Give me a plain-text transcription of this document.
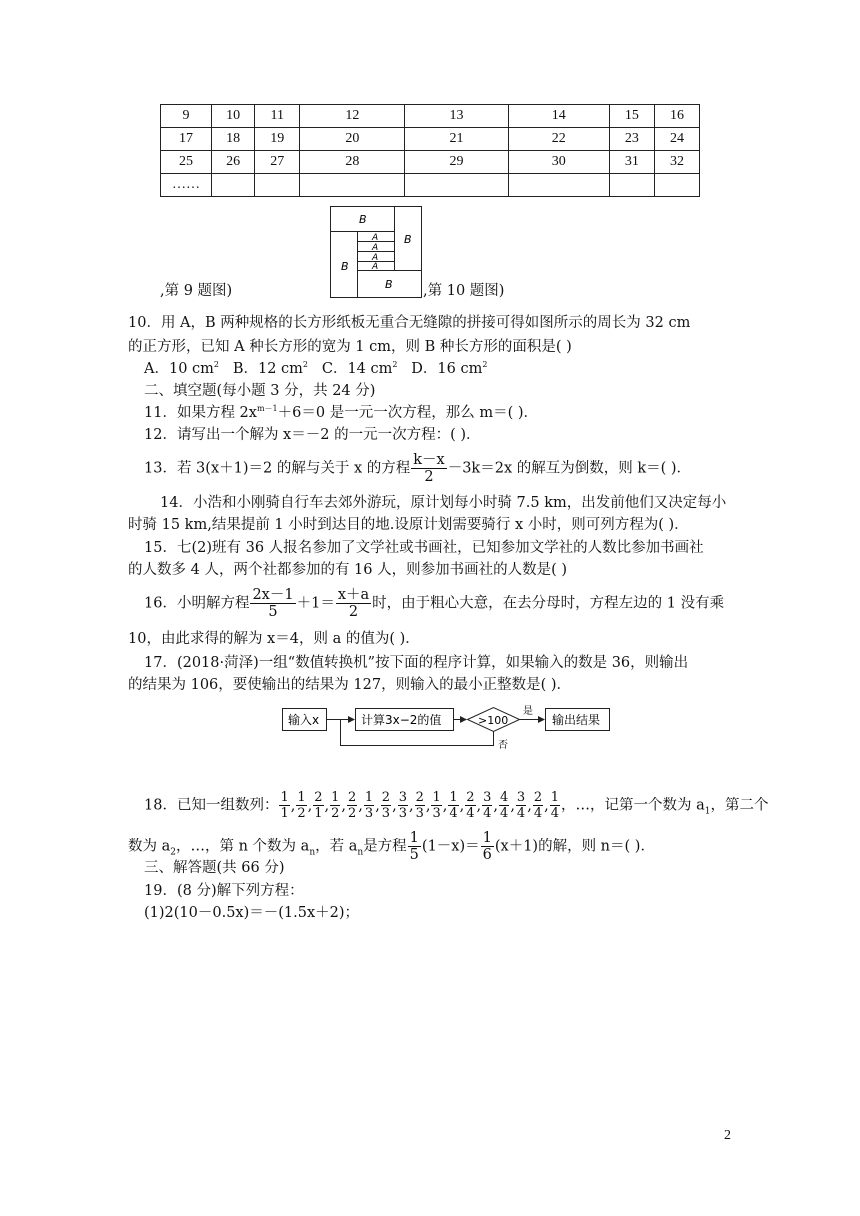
9	10	11	12	13	14	15	16
17	18	19	20	21	22	23	24
25	26	27	28	29	30	31	32
……							
B
B
B
B
A
A
A
A
,第 9 题图)	,第 10 题图)
10．用 A，B 两种规格的长方形纸板无重合无缝隙的拼接可得如图所示的周长为 32 cm
的正方形，已知 A 种长方形的宽为 1 cm，则 B 种长方形的面积是( )
A．10 $cm^2$ B．12 $cm^2$ C．14 $cm^2$ D．16 $cm^2$
二、填空题(每小题 3 分，共 24 分)
11．如果方程 $2x^{m-1}+6=0$ 是一元一次方程，那么 m＝( )．
12．请写出一个解为 x＝－2 的一元一次方程：( )．
13．若 3(x＋1)＝2 的解与关于 x 的方程 $\frac{k-x}{2} -3k=2x$ 的解互为倒数，则 k＝( )．
14．小浩和小刚骑自行车去郊外游玩，原计划每小时骑 7.5 km，出发前他们又决定每小
时骑 15 km,结果提前 1 小时到达目的地.设原计划需要骑行 x 小时，则可列方程为( )．
15．七(2)班有 36 人报名参加了文学社或书画社，已知参加文学社的人数比参加书画社
的人数多 4 人，两个社都参加的有 16 人，则参加书画社的人数是( )
16．小明解方程 $\frac{2x-1}{5} +1= \frac{x+a}{2}$ 时，由于粗心大意，在去分母时，方程左边的 1 没有乘
10，由此求得的解为 x＝4，则 a 的值为( )．
17．(2018·菏泽)一组“数值转换机”按下面的程序计算，如果输入的数是 36，则输出
的结果为 106，要使输出的结果为 127，则输入的最小正整数是( )．
输入x	计算3x−2的值	>100
是
输出结果
否
18．已知一组数列： $\frac{1}{1}$ , $\frac{1}{2}$ , $\frac{2}{1}$ , $\frac{1}{2}$ , $\frac{2}{2}$ , $\frac{1}{3}$ , $\frac{2}{3}$ , $\frac{3}{3}$ , $\frac{2}{3}$ , $\frac{1}{3}$ , $\frac{1}{4}$ , $\frac{2}{4}$ , $\frac{3}{4}$ , $\frac{4}{4}$ , $\frac{3}{4}$ , $\frac{2}{4}$ , $\frac{1}{4}$ ，…，记第一个数为 $a_1$，第二个
数为 $a_2$，…，第 n 个数为 $a_n$，若 $a_n$是方程 $\frac{1}{5} (1-x)= \frac{1}{6} (x+1)$的解，则 n＝( )．
三、解答题(共 66 分)
19．(8 分)解下列方程：
(1)2(10－0.5x)＝－(1.5x＋2)；
2
